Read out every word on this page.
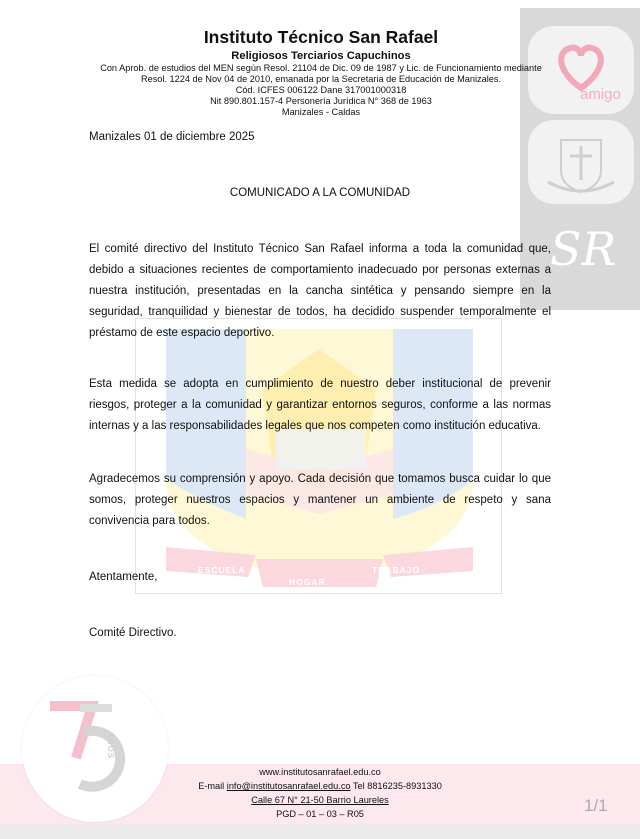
ESCUELA
HOGAR
TRABAJO
amigo
SR
Instituto Técnico San Rafael
Religiosos Terciarios Capuchinos
Con Aprob. de estudios del MEN según Resol. 21104 de Dic. 09 de 1987 y Lic. de Funcionamiento mediante
Resol. 1224 de Nov 04 de 2010, emanada por la Secretaria de Educación de Manizales.
Cód. ICFES 006122 Dane 317001000318
Nit 890.801.157-4 Personería Jurídica N° 368 de 1963
Manizales - Caldas
Manizales 01 de diciembre 2025
COMUNICADO A LA COMUNIDAD

El comité directivo del Instituto Técnico San Rafael informa a toda la comunidad que, debido a situaciones recientes de comportamiento inadecuado por personas externas a nuestra institución, presentadas en la cancha sintética y pensando siempre en la seguridad, tranquilidad y bienestar de todos, ha decidido suspender temporalmente el préstamo de este espacio deportivo.

Esta medida se adopta en cumplimiento de nuestro deber institucional de prevenir riesgos, proteger a la comunidad y garantizar entornos seguros, conforme a las normas internas y a las responsabilidades legales que nos competen como institución educativa.

Agradecemos su comprensión y apoyo. Cada decisión que tomamos busca cuidar lo que somos, proteger nuestros espacios y mantener un ambiente de respeto y sana convivencia para todos.

Atentamente,
Comité Directivo.
www.institutosanrafael.edu.co
E-mail info@institutosanrafael.edu.co Tel 8816235-8931330
Calle 67 N° 21-50 Barrio Laureles
PGD – 01 – 03 – R05
AÑOS
1/1
